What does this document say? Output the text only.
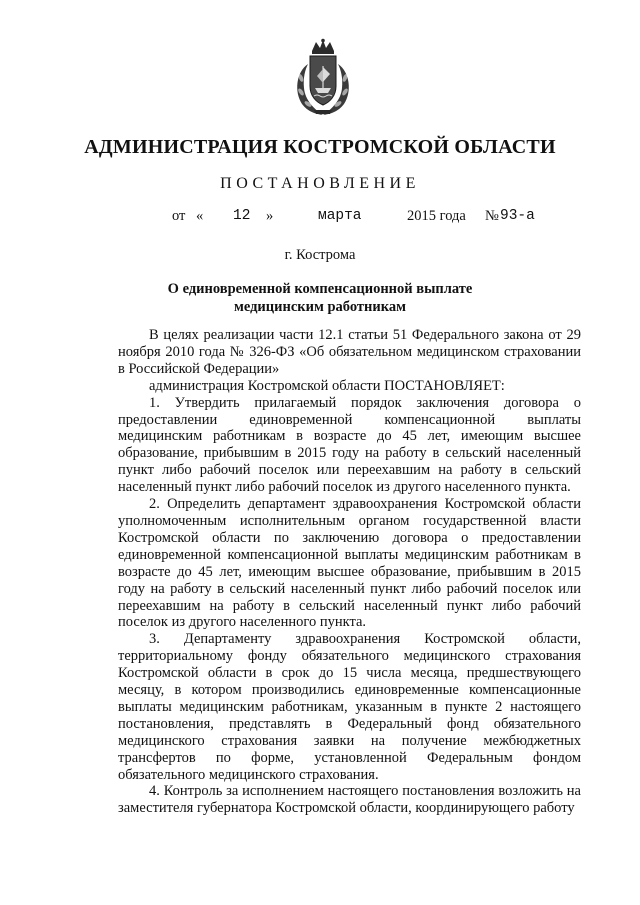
АДМИНИСТРАЦИЯ КОСТРОМСКОЙ ОБЛАСТИ
ПОСТАНОВЛЕНИЕ
от « 12 »	марта	2015 года № 93-а
г. Кострома
О единовременной компенсационной выплате медицинским работникам

В целях реализации части 12.1 статьи 51 Федерального закона от 29 ноября 2010 года № 326-ФЗ «Об обязательном медицинском страховании в Российской Федерации»

администрация Костромской области ПОСТАНОВЛЯЕТ:

1. Утвердить прилагаемый порядок заключения договора о предоставлении единовременной компенсационной выплаты медицинским работникам в возрасте до 45 лет, имеющим высшее образование, прибывшим в 2015 году на работу в сельский населенный пункт либо рабочий поселок или переехавшим на работу в сельский населенный пункт либо рабочий поселок из другого населенного пункта.

2. Определить департамент здравоохранения Костромской области уполномоченным исполнительным органом государственной власти Костромской области по заключению договора о предоставлении единовременной компенсационной выплаты медицинским работникам в возрасте до 45 лет, имеющим высшее образование, прибывшим в 2015 году на работу в сельский населенный пункт либо рабочий поселок или переехавшим на работу в сельский населенный пункт либо рабочий поселок из другого населенного пункта.

3. Департаменту здравоохранения Костромской области, территориальному фонду обязательного медицинского страхования Костромской области в срок до 15 числа месяца, предшествующего месяцу, в котором производились единовременные компенсационные выплаты медицинским работникам, указанным в пункте 2 настоящего постановления, представлять в Федеральный фонд обязательного медицинского страхования заявки на получение межбюджетных трансфертов по форме, установленной Федеральным фондом обязательного медицинского страхования.

4. Контроль за исполнением настоящего постановления возложить на заместителя губернатора Костромской области, координирующего работу
